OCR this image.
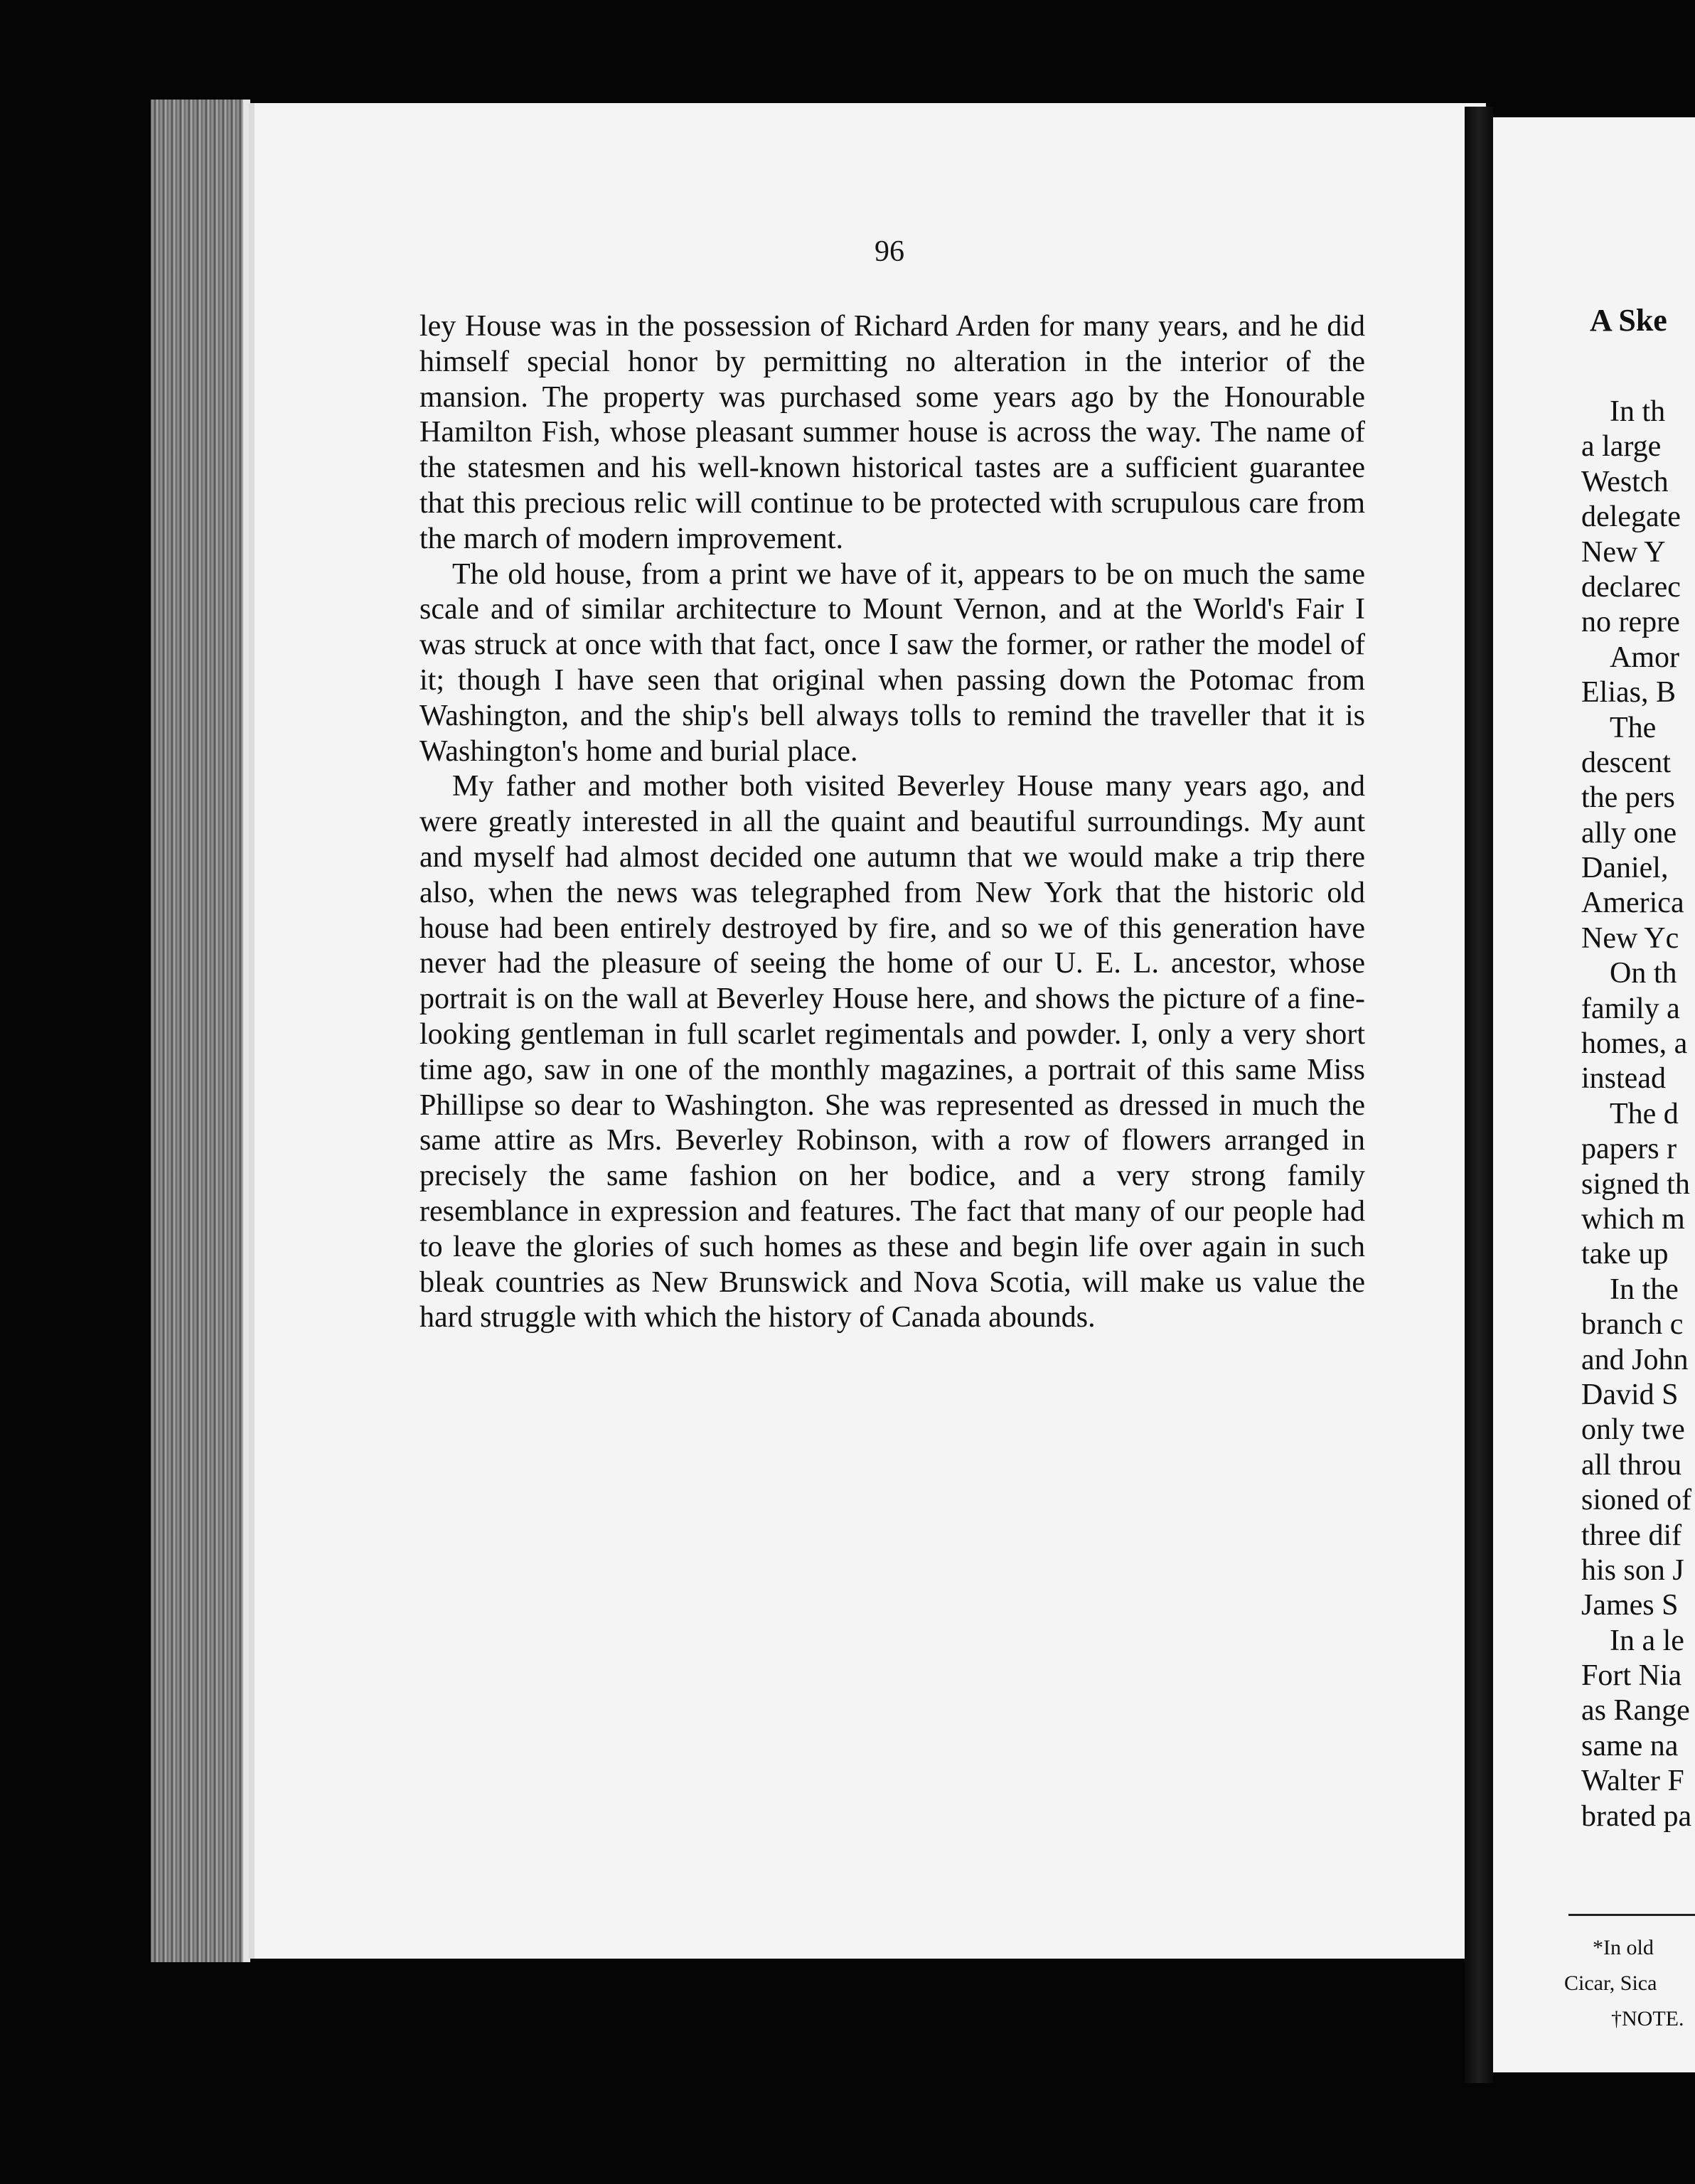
96

ley House was in the possession of Richard Arden for many years, and he did himself special honor by permitting no alteration in the interior of the mansion. The property was purchased some years ago by the Honourable Hamilton Fish, whose pleasant summer house is across the way. The name of the statesmen and his well-known historical tastes are a sufficient guarantee that this precious relic will continue to be protected with scrupulous care from the march of modern improvement.

The old house, from a print we have of it, appears to be on much the same scale and of similar architecture to Mount Vernon, and at the World's Fair I was struck at once with that fact, once I saw the former, or rather the model of it; though I have seen that original when passing down the Potomac from Washington, and the ship's bell always tolls to remind the traveller that it is Washington's home and burial place.

My father and mother both visited Beverley House many years ago, and were greatly interested in all the quaint and beautiful surroundings. My aunt and myself had almost decided one autumn that we would make a trip there also, when the news was telegraphed from New York that the historic old house had been entirely destroyed by fire, and so we of this generation have never had the pleasure of seeing the home of our U. E. L. ancestor, whose portrait is on the wall at Beverley House here, and shows the picture of a fine-looking gentleman in full scarlet regimentals and powder. I, only a very short time ago, saw in one of the monthly magazines, a portrait of this same Miss Phillipse so dear to Washington. She was represented as dressed in much the same attire as Mrs. Beverley Robinson, with a row of flowers arranged in precisely the same fashion on her bodice, and a very strong family resemblance in expression and features. The fact that many of our people had to leave the glories of such homes as these and begin life over again in such bleak countries as New Brunswick and Nova Scotia, will make us value the hard struggle with which the history of Canada abounds.

A Ske
In th
a large
Westch
delegate
New Y
declarec
no repre
Amor
Elias, B
The
descent
the pers
ally one
Daniel,
America
New Yc
On th
family a
homes, a
instead
The d
papers r
signed th
which m
take up
In the
branch c
and John
David S
only twe
all throu
sioned of
three dif
his son J
James S
In a le
Fort Nia
as Range
same na
Walter F
brated pa
*In old
Cicar, Sica
†NOTE.
